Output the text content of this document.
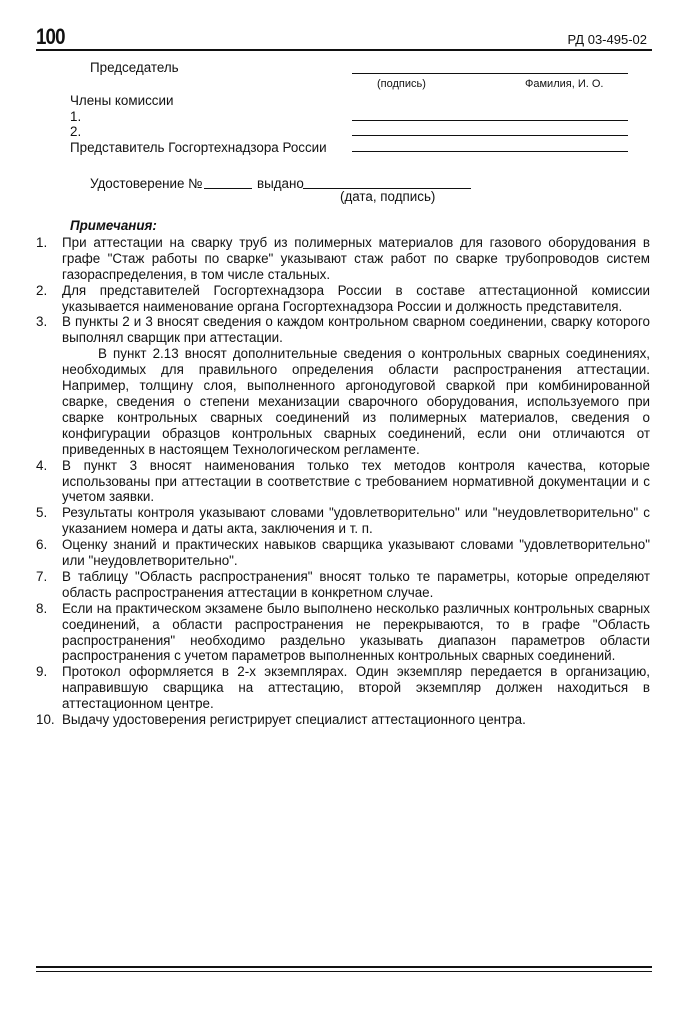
100	РД 03-495-02
Председатель
(подпись)	Фамилия, И. О.
Члены комиссии
1.
2.
Представитель Госгортехнадзора России
Удостоверение №	выдано
(дата, подпись)
Примечания:
1. При аттестации на сварку труб из полимерных материалов для газового оборудования в графе "Стаж работы по сварке" указывают стаж работ по сварке трубопроводов систем газораспределения, в том числе стальных.
2. Для представителей Госгортехнадзора России в составе аттестационной комиссии указывается наименование органа Госгортехнадзора России и должность представителя.
3. В пункты 2 и 3 вносят сведения о каждом контрольном сварном соединении, сварку которого выполнял сварщик при аттестации.
В пункт 2.13 вносят дополнительные сведения о контрольных сварных соединениях, необходимых для правильного определения области распространения аттестации. Например, толщину слоя, выполненного аргонодуговой сваркой при комбинированной сварке, сведения о степени механизации сварочного оборудования, используемого при сварке контрольных сварных соединений из полимерных материалов, сведения о конфигурации образцов контрольных сварных соединений, если они отличаются от приведенных в настоящем Технологическом регламенте.
4. В пункт 3 вносят наименования только тех методов контроля качества, которые использованы при аттестации в соответствие с требованием нормативной документации и с учетом заявки.
5. Результаты контроля указывают словами "удовлетворительно" или "неудовлетворительно" с указанием номера и даты акта, заключения и т. п.
6. Оценку знаний и практических навыков сварщика указывают словами "удовлетворительно" или "неудовлетворительно".
7. В таблицу "Область распространения" вносят только те параметры, которые определяют область распространения аттестации в конкретном случае.
8. Если на практическом экзамене было выполнено несколько различных контрольных сварных соединений, а области распространения не перекрываются, то в графе "Область распространения" необходимо раздельно указывать диапазон параметров области распространения с учетом параметров выполненных контрольных сварных соединений.
9. Протокол оформляется в 2-х экземплярах. Один экземпляр передается в организацию, направившую сварщика на аттестацию, второй экземпляр должен находиться в аттестационном центре.
10. Выдачу удостоверения регистрирует специалист аттестационного центра.
